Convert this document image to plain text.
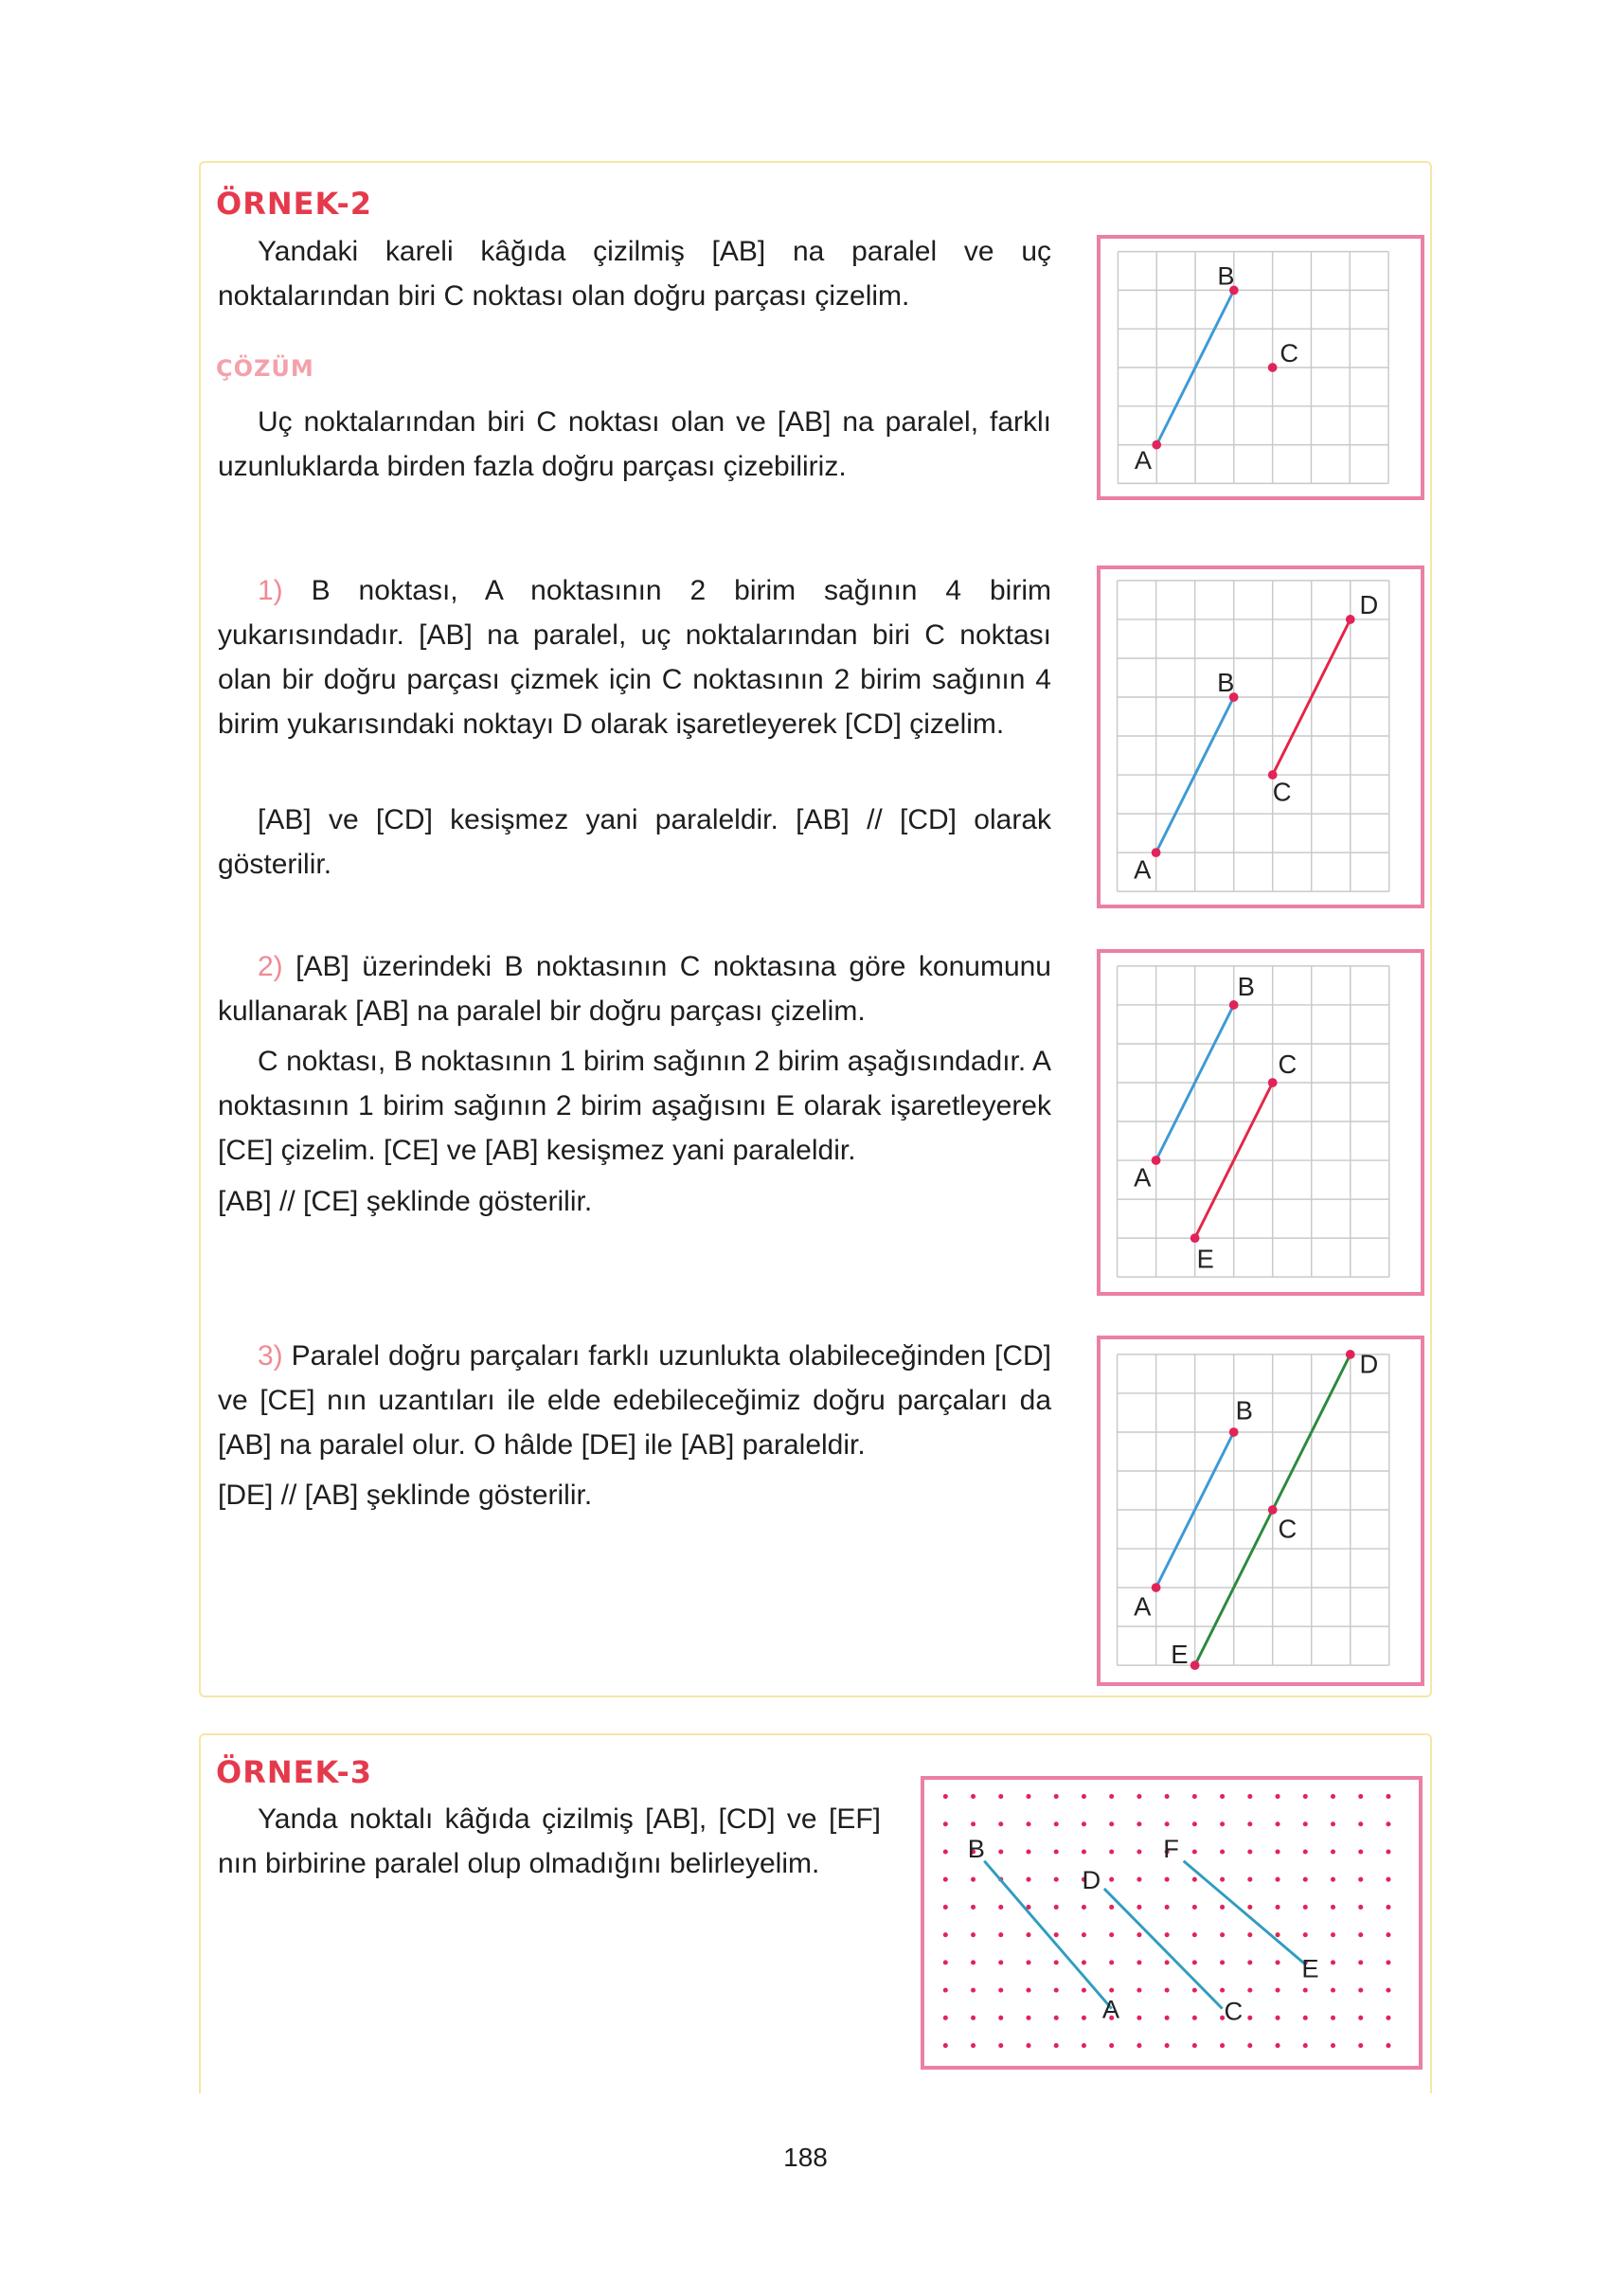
ÖRNEK-2

Yandaki kareli kâğıda çizilmiş [AB] na paralel ve uç noktalarından biri C noktası olan doğru parçası çizelim.

ÇÖZÜM

Uç noktalarından biri C noktası olan ve [AB] na paralel, farklı uzunluklarda birden fazla doğru parçası çizebiliriz.

1) B noktası, A noktasının 2 birim sağının 4 birim yukarısındadır. [AB] na paralel, uç noktalarından biri C noktası olan bir doğru parçası çizmek için C noktasının 2 birim sağının 4 birim yukarısındaki noktayı D olarak işaretleyerek [CD] çizelim.

[AB] ve [CD] kesişmez yani paraleldir. [AB] // [CD] olarak gösterilir.

2) [AB] üzerindeki B noktasının C noktasına göre konumunu kullanarak [AB] na paralel bir doğru parçası çizelim.

C noktası, B noktasının 1 birim sağının 2 birim aşağısındadır. A noktasının 1 birim sağının 2 birim aşağısını E olarak işaretleyerek [CE] çizelim. [CE] ve [AB] kesişmez yani paraleldir.

[AB] // [CE] şeklinde gösterilir.

3) Paralel doğru parçaları farklı uzunlukta olabileceğinden [CD] ve [CE] nın uzantıları ile elde edebileceğimiz doğru parçaları da [AB] na paralel olur. O hâlde [DE] ile [AB] paraleldir.

[DE] // [AB] şeklinde gösterilir.

A
B
C
A
B
C
D
A
B
C
E
A
B
C
D
E
ÖRNEK-3

Yanda noktalı kâğıda çizilmiş [AB], [CD] ve [EF] nın birbirine paralel olup olmadığını belirleyelim.	B
A
D
C
F
E
188
